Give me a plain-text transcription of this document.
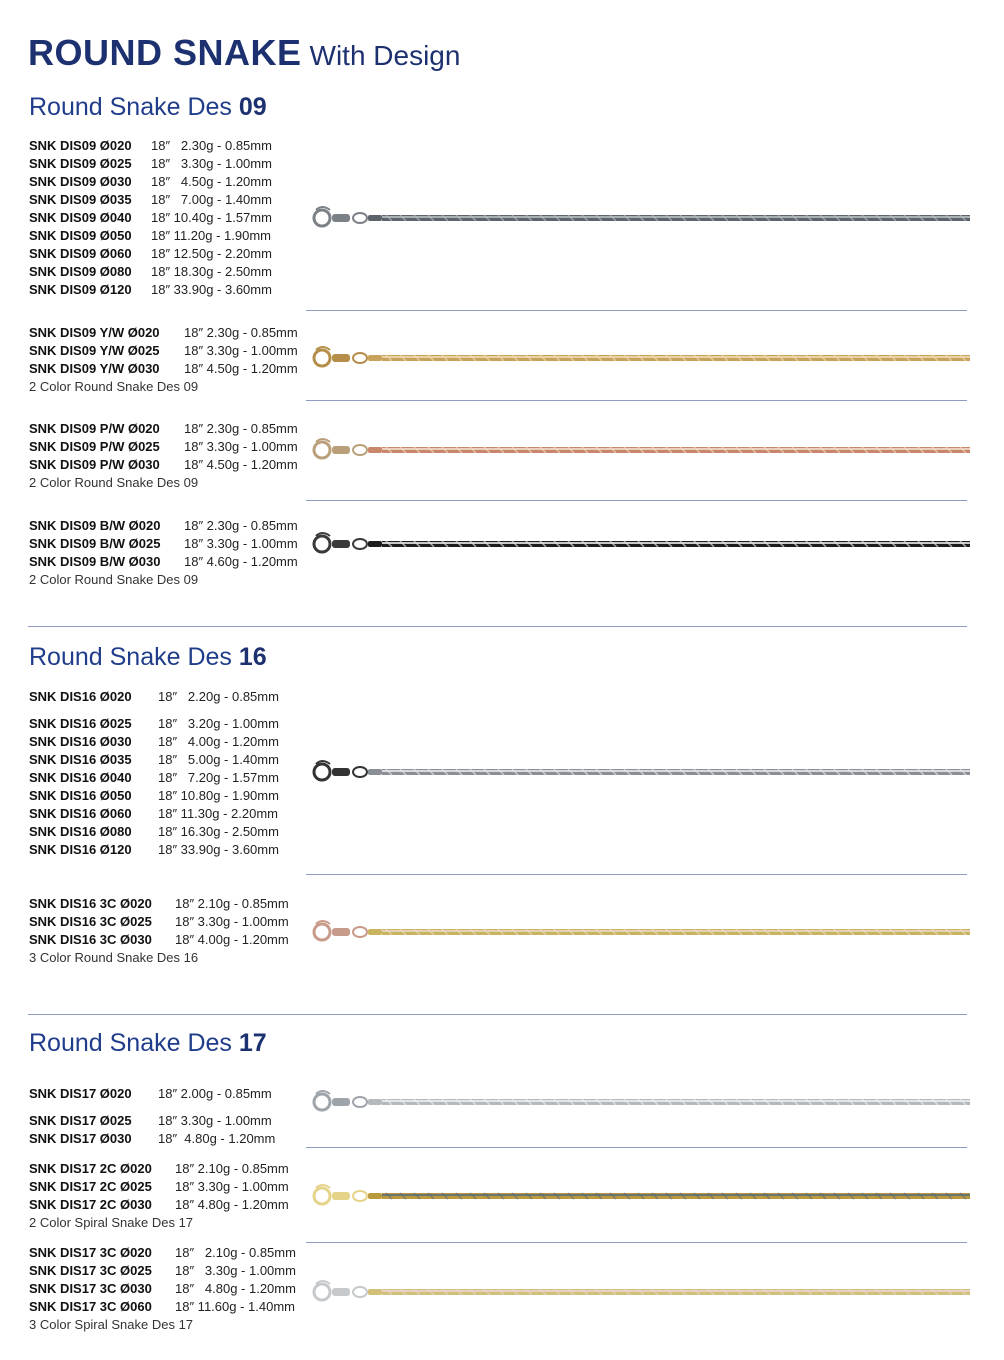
ROUND SNAKE With Design
Round Snake Des 09
Round Snake Des 16
Round Snake Des 17
SNK DIS09 Ø020 18″   2.30g - 0.85mm
SNK DIS09 Ø025 18″   3.30g - 1.00mm
SNK DIS09 Ø030 18″   4.50g - 1.20mm
SNK DIS09 Ø035 18″   7.00g - 1.40mm
SNK DIS09 Ø040 18″ 10.40g - 1.57mm
SNK DIS09 Ø050 18″ 11.20g - 1.90mm
SNK DIS09 Ø060 18″ 12.50g - 2.20mm
SNK DIS09 Ø080 18″ 18.30g - 2.50mm
SNK DIS09 Ø120 18″ 33.90g - 3.60mm
SNK DIS09 Y/W Ø020 18″ 2.30g - 0.85mm
SNK DIS09 Y/W Ø025 18″ 3.30g - 1.00mm
SNK DIS09 Y/W Ø030 18″ 4.50g - 1.20mm
2 Color Round Snake Des 09
SNK DIS09 P/W Ø020 18″ 2.30g - 0.85mm
SNK DIS09 P/W Ø025 18″ 3.30g - 1.00mm
SNK DIS09 P/W Ø030 18″ 4.50g - 1.20mm
2 Color Round Snake Des 09
SNK DIS09 B/W Ø020 18″ 2.30g - 0.85mm
SNK DIS09 B/W Ø025 18″ 3.30g - 1.00mm
SNK DIS09 B/W Ø030 18″ 4.60g - 1.20mm
2 Color Round Snake Des 09
SNK DIS16 Ø020 18″   2.20g - 0.85mm
SNK DIS16 Ø025 18″   3.20g - 1.00mm
SNK DIS16 Ø030 18″   4.00g - 1.20mm
SNK DIS16 Ø035 18″   5.00g - 1.40mm
SNK DIS16 Ø040 18″   7.20g - 1.57mm
SNK DIS16 Ø050 18″ 10.80g - 1.90mm
SNK DIS16 Ø060 18″ 11.30g - 2.20mm
SNK DIS16 Ø080 18″ 16.30g - 2.50mm
SNK DIS16 Ø120 18″ 33.90g - 3.60mm
SNK DIS16 3C Ø020 18″ 2.10g - 0.85mm
SNK DIS16 3C Ø025 18″ 3.30g - 1.00mm
SNK DIS16 3C Ø030 18″ 4.00g - 1.20mm
3 Color Round Snake Des 16
SNK DIS17 Ø020 18″ 2.00g - 0.85mm
SNK DIS17 Ø025 18″ 3.30g - 1.00mm
SNK DIS17 Ø030 18″  4.80g - 1.20mm
SNK DIS17 2C Ø020 18″ 2.10g - 0.85mm
SNK DIS17 2C Ø025 18″ 3.30g - 1.00mm
SNK DIS17 2C Ø030 18″ 4.80g - 1.20mm
2 Color Spiral Snake Des 17
SNK DIS17 3C Ø020 18″   2.10g - 0.85mm
SNK DIS17 3C Ø025 18″   3.30g - 1.00mm
SNK DIS17 3C Ø030 18″   4.80g - 1.20mm
SNK DIS17 3C Ø060 18″ 11.60g - 1.40mm
3 Color Spiral Snake Des 17
